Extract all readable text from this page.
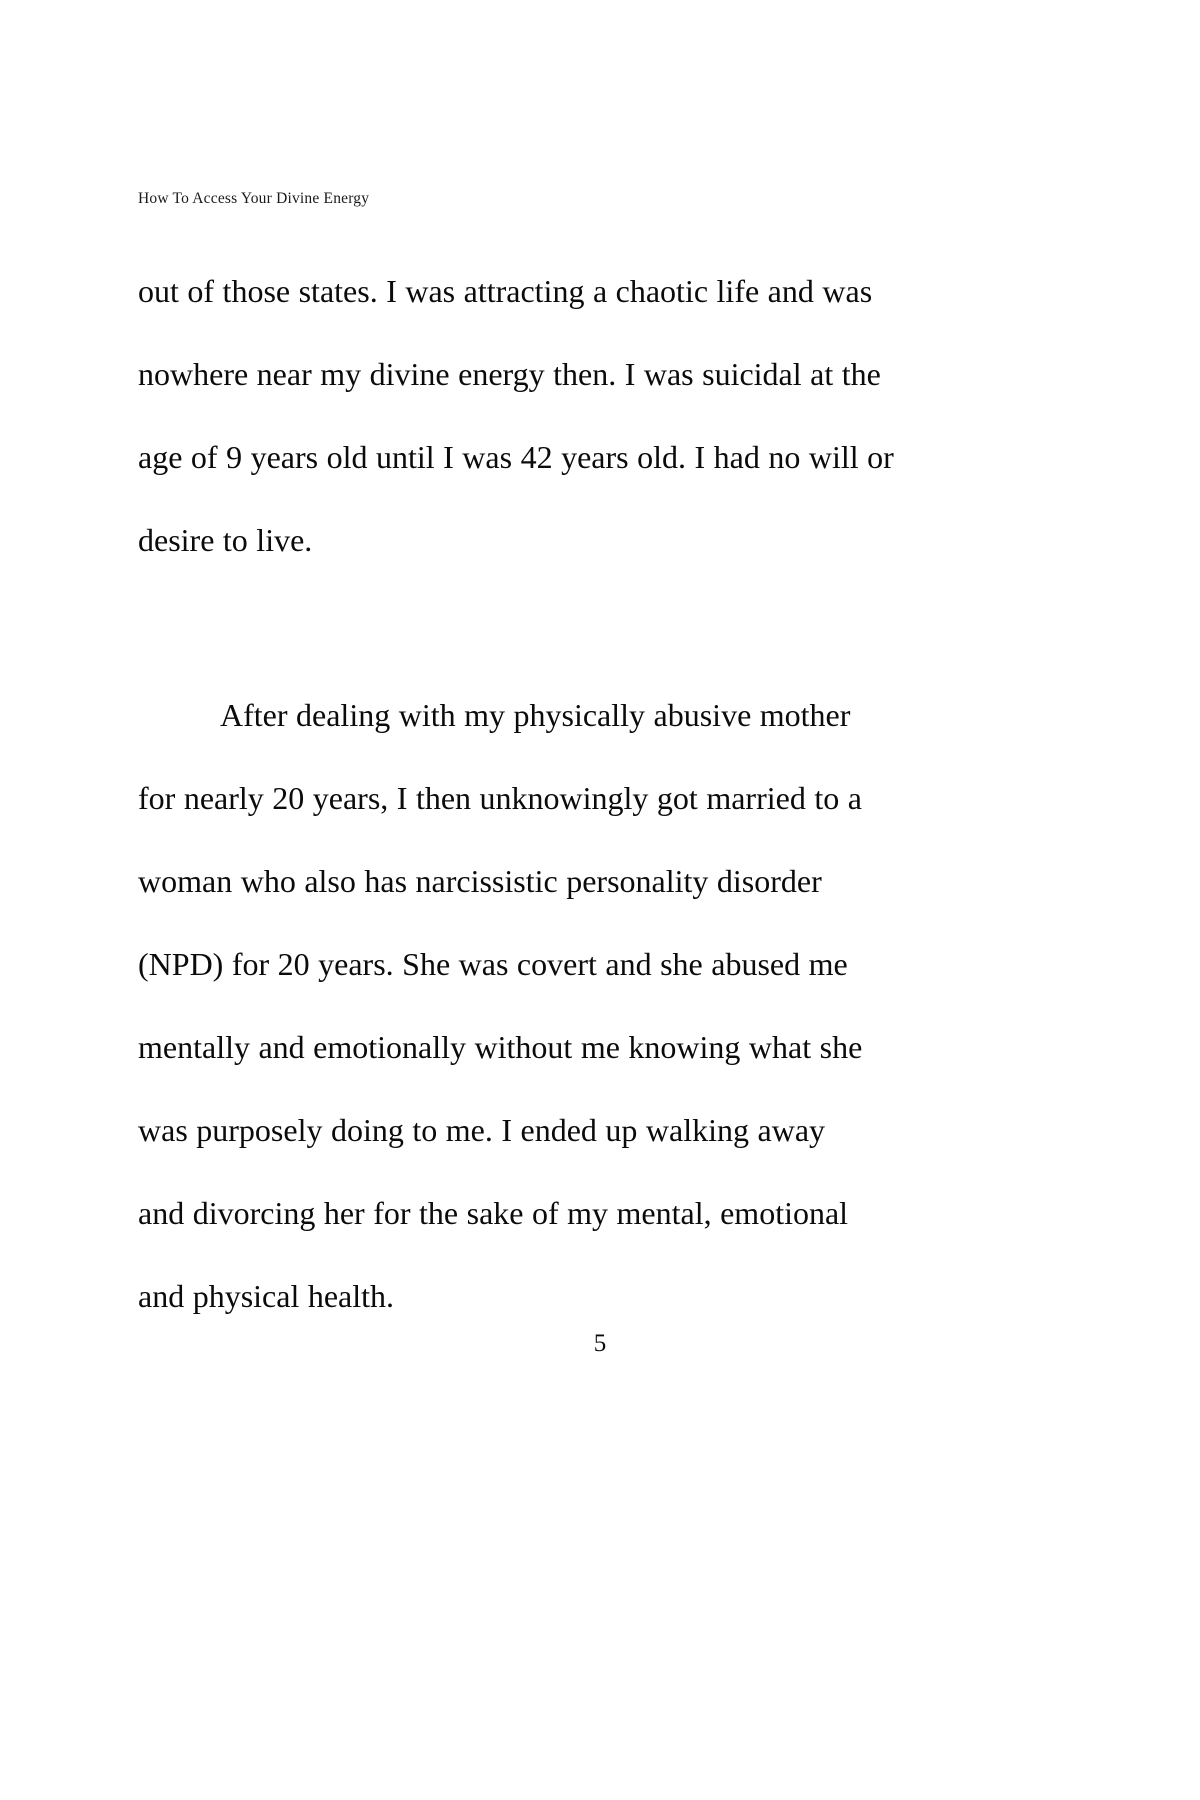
How To Access Your Divine Energy

out of those states. I was attracting a chaotic life and was
nowhere near my divine energy then. I was suicidal at the
age of 9 years old until I was 42 years old. I had no will or
desire to live.

After dealing with my physically abusive mother
for nearly 20 years, I then unknowingly got married to a
woman who also has narcissistic personality disorder
(NPD) for 20 years. She was covert and she abused me
mentally and emotionally without me knowing what she
was purposely doing to me. I ended up walking away
and divorcing her for the sake of my mental, emotional
and physical health.

5
